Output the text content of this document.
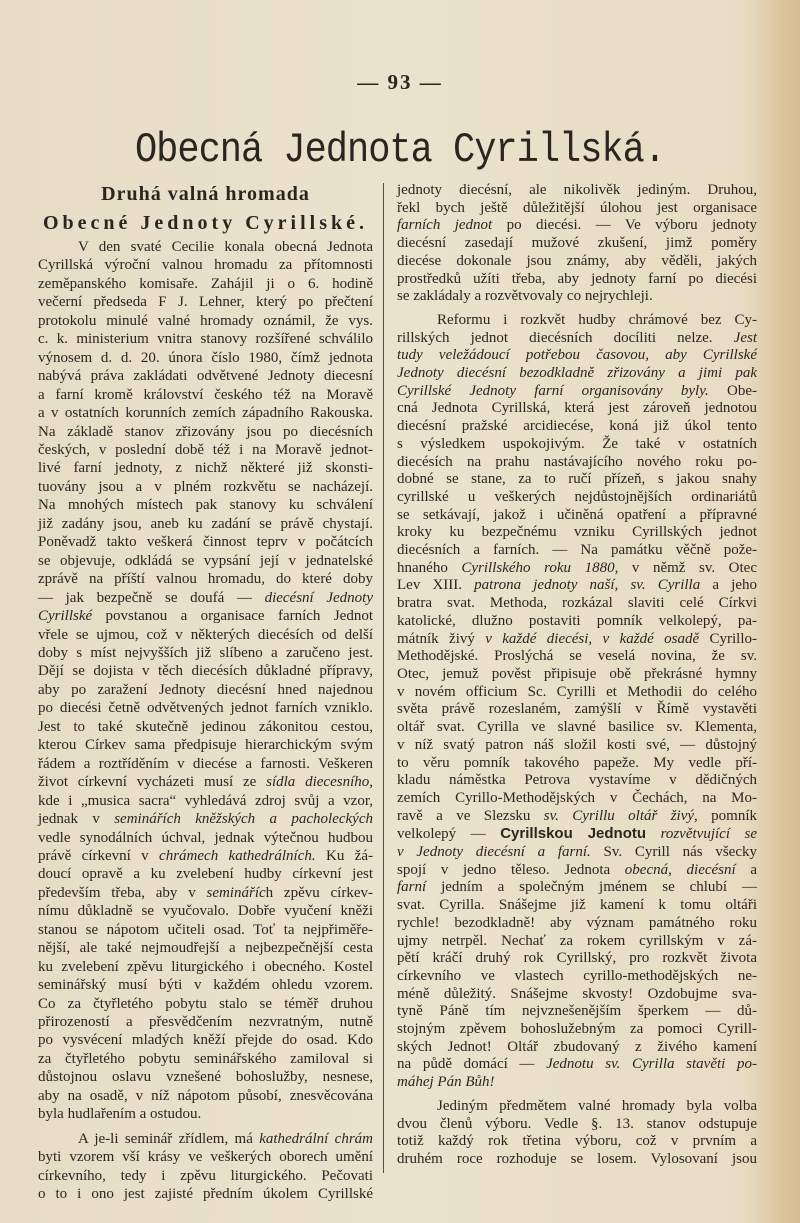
— 93 —
Obecná Jednota Cyrillská.
Druhá valná hromada
Obecné Jednoty Cyrillské.
V den svaté Cecilie konala obecná Jednota
Cyrillská výroční valnou hromadu za přítomnosti
zeměpanského komisaře. Zahájil ji o 6. hodině
večerní předseda F J. Lehner, který po přečtení
protokolu minulé valné hromady oznámil, že vys.
c. k. ministerium vnitra stanovy rozšířené schválilo
výnosem d. d. 20. února číslo 1980, čímž jednota
nabývá práva zakládati odvětvené Jednoty diecesní
a farní kromě království českého též na Moravě
a v ostatních korunních zemích západního Rakouska.
Na základě stanov zřizovány jsou po diecésních
českých, v poslední době též i na Moravě jednot-
livé farní jednoty, z nichž některé již skonsti-
tuovány jsou a v plném rozkvětu se nacházejí.
Na mnohých místech pak stanovy ku schválení
již zadány jsou, aneb ku zadání se právě chystají.
Poněvadž takto veškerá činnost teprv v počátcích
se objevuje, odkládá se vypsání její v jednatelské
zprávě na příští valnou hromadu, do které doby
— jak bezpečně se doufá — diecésní Jednoty
Cyrillské povstanou a organisace farních Jednot
vřele se ujmou, což v některých diecésích od delší
doby s míst nejvyšších již slíbeno a zaručeno jest.
Dějí se dojista v těch diecésích důkladné přípravy,
aby po zaražení Jednoty diecésní hned najednou
po diecési četně odvětvených jednot farních vzniklo.
Jest to také skutečně jedinou zákonitou cestou,
kterou Církev sama předpisuje hierarchickým svým
řádem a roztříděním v diecése a farnosti. Veškeren
život církevní vycházeti musí ze sídla diecesního,
kde i „musica sacra“ vyhledává zdroj svůj a vzor,
jednak v seminářích kněžských a pacholeckých
vedle synodálních úchval, jednak výtečnou hudbou
právě církevní v chrámech kathedrálních. Ku žá-
doucí opravě a ku zvelebení hudby církevní jest
především třeba, aby v seminářích zpěvu církev-
nímu důkladně se vyučovalo. Dobře vyučení kněži
stanou se nápotom učiteli osad. Toť ta nejpřiměře-
nější, ale také nejmoudřejší a nejbezpečnější cesta
ku zvelebení zpěvu liturgického i obecného. Kostel
seminářský musí býti v každém ohledu vzorem.
Co za čtyřletého pobytu stalo se téměř druhou
přirozeností a přesvědčením nezvratným, nutně
po vysvécení mladých kněží přejde do osad. Kdo
za čtyřletého pobytu seminářského zamiloval si
důstojnou oslavu vznešené bohoslužby, nesnese,
aby na osadě, v níž nápotom působí, znesvěcována
byla hudlařením a ostudou.
A je-li seminář zřídlem, má kathedrální chrám
byti vzorem vší krásy ve veškerých oborech umění
církevního, tedy i zpěvu liturgického. Pečovati
o to i ono jest zajisté předním úkolem Cyrillské
jednoty diecésní, ale nikolivěk jediným. Druhou,
řekl bych ještě důležitější úlohou jest organisace
farních jednot po diecési. — Ve výboru jednoty
diecésní zasedají mužové zkušení, jimž poměry
diecése dokonale jsou známy, aby věděli, jakých
prostředků užíti třeba, aby jednoty farní po diecési
se zakládaly a rozvětvovaly co nejrychleji.
Reformu i rozkvět hudby chrámové bez Cy-
rillských jednot diecésních docíliti nelze. Jest
tudy veležádoucí potřebou časovou, aby Cyrillské
Jednoty diecésní bezodkladně zřizovány a jimi pak
Cyrillské Jednoty farní organisovány byly. Obe-
cná Jednota Cyrillská, která jest zároveň jednotou
diecésní pražské arcidiecése, koná již úkol tento
s výsledkem uspokojivým. Že také v ostatních
diecésích na prahu nastávajícího nového roku po-
dobné se stane, za to ručí přízeň, s jakou snahy
cyrillské u veškerých nejdůstojnějších ordinariátů
se setkávají, jakož i učiněná opatření a přípravné
kroky ku bezpečnému vzniku Cyrillských jednot
diecésních a farních. — Na památku věčně pože-
hnaného Cyrillského roku 1880, v němž sv. Otec
Lev XIII. patrona jednoty naší, sv. Cyrilla a jeho
bratra svat. Methoda, rozkázal slaviti celé Církvi
katolické, dlužno postaviti pomník velkolepý, pa-
mátník živý v každé diecési, v každé osadě Cyrillo-
Methodějské. Proslýchá se veselá novina, že sv.
Otec, jemuž pověst připisuje obě překrásné hymny
v novém officium Sc. Cyrilli et Methodii do celého
světa právě rozeslaném, zamýšlí v Římě vystavěti
oltář svat. Cyrilla ve slavné basilice sv. Klementa,
v níž svatý patron náš složil kosti své, — důstojný
to věru pomník takového papeže. My vedle pří-
kladu náměstka Petrova vystavíme v dědičných
zemích Cyrillo-Methodějských v Čechách, na Mo-
ravě a ve Slezsku sv. Cyrillu oltář živý, pomník
velkolepý — Cyrillskou Jednotu rozvětvující se
v Jednoty diecésní a farní. Sv. Cyrill nás všecky
spojí v jedno těleso. Jednota obecná, diecésní a
farní jedním a společným jménem se chlubí —
svat. Cyrilla. Snášejme již kamení k tomu oltáři
rychle! bezodkladně! aby význam památného roku
ujmy netrpěl. Nechať za rokem cyrillským v zá-
pětí kráčí druhý rok Cyrillský, pro rozkvět života
církevního ve vlastech cyrillo-methodějských ne-
méně důležitý. Snášejme skvosty! Ozdobujme sva-
tyně Páně tím nejvznešenějším šperkem — dů-
stojným zpěvem bohoslužebným za pomoci Cyrill-
ských Jednot! Oltář zbudovaný z živého kamení
na půdě domácí — Jednotu sv. Cyrilla stavěti po-
máhej Pán Bůh!
Jediným předmětem valné hromady byla volba
dvou členů výboru. Vedle §. 13. stanov odstupuje
totiž každý rok třetina výboru, což v prvním a
druhém roce rozhoduje se losem. Vylosovaní jsou
